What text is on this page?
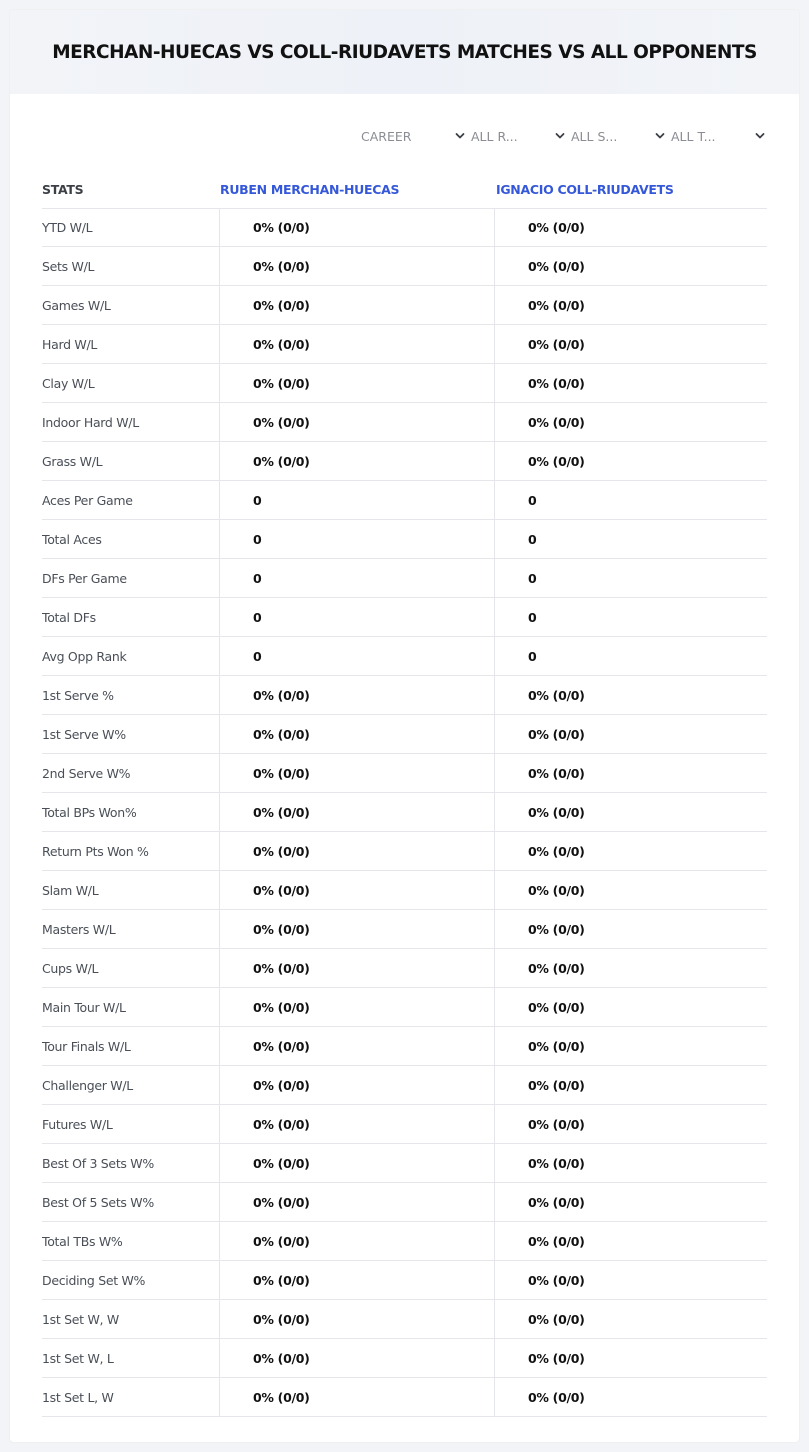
MERCHAN-HUECAS VS COLL-RIUDAVETS MATCHES VS ALL OPPONENTS
CAREER	ALL R...	ALL S...	ALL T...
STATS	RUBEN MERCHAN-HUECAS	IGNACIO COLL-RIUDAVETS
YTD W/L	0% (0/0)	0% (0/0)
Sets W/L	0% (0/0)	0% (0/0)
Games W/L	0% (0/0)	0% (0/0)
Hard W/L	0% (0/0)	0% (0/0)
Clay W/L	0% (0/0)	0% (0/0)
Indoor Hard W/L	0% (0/0)	0% (0/0)
Grass W/L	0% (0/0)	0% (0/0)
Aces Per Game	0	0
Total Aces	0	0
DFs Per Game	0	0
Total DFs	0	0
Avg Opp Rank	0	0
1st Serve %	0% (0/0)	0% (0/0)
1st Serve W%	0% (0/0)	0% (0/0)
2nd Serve W%	0% (0/0)	0% (0/0)
Total BPs Won%	0% (0/0)	0% (0/0)
Return Pts Won %	0% (0/0)	0% (0/0)
Slam W/L	0% (0/0)	0% (0/0)
Masters W/L	0% (0/0)	0% (0/0)
Cups W/L	0% (0/0)	0% (0/0)
Main Tour W/L	0% (0/0)	0% (0/0)
Tour Finals W/L	0% (0/0)	0% (0/0)
Challenger W/L	0% (0/0)	0% (0/0)
Futures W/L	0% (0/0)	0% (0/0)
Best Of 3 Sets W%	0% (0/0)	0% (0/0)
Best Of 5 Sets W%	0% (0/0)	0% (0/0)
Total TBs W%	0% (0/0)	0% (0/0)
Deciding Set W%	0% (0/0)	0% (0/0)
1st Set W, W	0% (0/0)	0% (0/0)
1st Set W, L	0% (0/0)	0% (0/0)
1st Set L, W	0% (0/0)	0% (0/0)
